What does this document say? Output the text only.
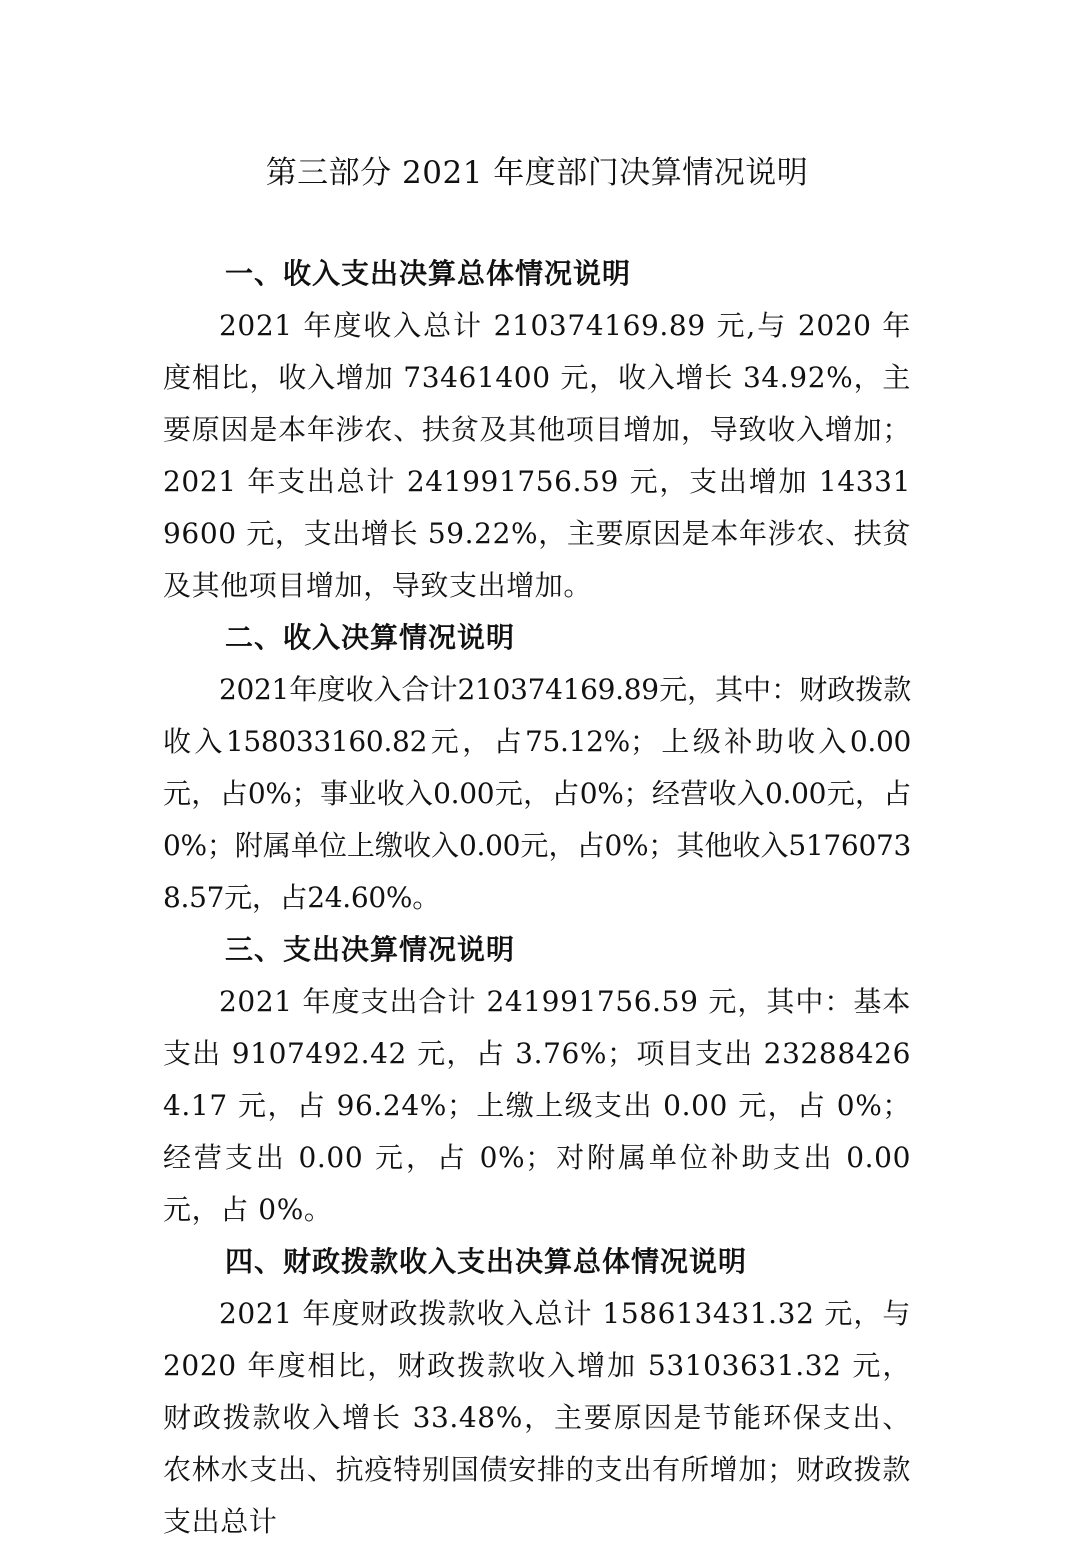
第三部分 2021 年度部门决算情况说明

一、收入支出决算总体情况说明

2021 年度收入总计 210374169.89 元,与 2020 年度相比，收入增加 73461400 元，收入增长 34.92%，主要原因是本年涉农、扶贫及其他项目增加，导致收入增加；2021 年支出总计 241991756.59 元，支出增加 143319600 元，支出增长 59.22%，主要原因是本年涉农、扶贫及其他项目增加，导致支出增加。

二、收入决算情况说明

2021年度收入合计210374169.89元，其中：财政拨款收入158033160.82元，占75.12%；上级补助收入0.00元，占0%；事业收入0.00元，占0%；经营收入0.00元，占0%；附属单位上缴收入0.00元，占0%；其他收入51760738.57元，占24.60%。

三、支出决算情况说明

2021 年度支出合计 241991756.59 元，其中：基本支出 9107492.42 元，占 3.76%；项目支出 232884264.17 元，占 96.24%；上缴上级支出 0.00 元，占 0%；经营支出 0.00 元，占 0%；对附属单位补助支出 0.00 元，占 0%。

四、财政拨款收入支出决算总体情况说明

2021 年度财政拨款收入总计 158613431.32 元，与 2020 年度相比，财政拨款收入增加 53103631.32 元，财政拨款收入增长 33.48%，主要原因是节能环保支出、农林水支出、抗疫特别国债安排的支出有所增加；财政拨款支出总计
